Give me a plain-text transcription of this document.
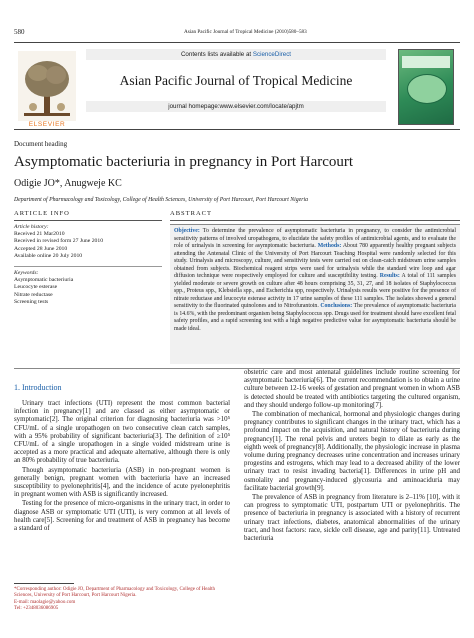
580	Asian Pacific Journal of Tropical Medicine (2010)580–583
ELSEVIER
Contents lists available at ScienceDirect
Asian Pacific Journal of Tropical Medicine
journal homepage:www.elsevier.com/locate/apjtm
Document heading
Asymptomatic bacteriuria in pregnancy in Port Harcourt
Odigie JO*, Anugweje KC
Department of Pharmacology and Toxicology, College of Health Sciences, University of Port Harcourt, Port Harcourt Nigeria
ARTICLE INFO
Article history:
Received 21 Mar2010
Received in revised form 27 June 2010
Accepted 28 June 2010
Available online 20 July 2010
Keywords:
Asymptomatic bacteriuria
Leucocyte esterase
Nitrate reductase
Screening tests
ABSTRACT
Objective: To determine the prevalence of asymptomatic bacteriuria in pregnancy, to consider the antimicrobial sensitivity patterns of involved uropathogens, to elucidate the safety profiles of antimicrobial agents, and to evaluate the role of urinalysis in screening for asymptomatic bacteriuria. Methods: About 780 apparently healthy pregnant subjects attending the Antenatal Clinic of the University of Port Harcourt Teaching Hospital were randomly selected for this study. Urinalysis and microscopy, culture, and sensitivity tests were carried out on clean-catch midstream urine samples obtained from subjects. Biochemical reagent strips were used for urinalysis while the standard wire loop and agar diffusion technique were respectively employed for culture and susceptibility testing. Results: A total of 111 samples yielded moderate or severe growth on culture after 48 hours comprising 35, 31, 27, and 18 isolates of Staphylococcus spp., Proteus spp., Klebsiella spp., and Escherichia spp, respectively. Urinalysis results were positive for the presence of nitrate reductase and leucocyte esterase activity in 17 urine samples of these 111 samples. The isolates showed a general sensitivity to the fluorinated quinolones and to Nitrofurantoin. Conclusions: The prevalence of asymptomatic bacteriuria is 14.6%, with the predominant organism being Staphylococcus spp. Drugs used for treatment should have excellent fetal safety profiles, and a rapid screening test with a high negative predictive value for asymptomatic bacteriuria should be made ideal.
1. Introduction

Urinary tract infections (UTI) represent the most common bacterial infection in pregnancy[1] and are classed as either asymptomatic or symptomatic[2]. The original criterion for diagnosing bacteriuria was >10⁵ CFU/mL of a single uropathogen on two consecutive clean catch samples, with a 95% probability of significant bacteriuria[3]. The definition of ≥10⁵ CFU/mL of a single uropathogen in a single voided midstream urine is accepted as a more practical and adequate alternative, although there is only an 80% probability of true bacteriuria.

Though asymptomatic bacteriuria (ASB) in non-pregnant women is generally benign, pregnant women with bacteriuria have an increased susceptibility to pyelonephritis[4], and the incidence of acute pyelonephritis in pregnant women with ASB is significantly increased.

Testing for the presence of micro-organisms in the urinary tract, in order to diagnose ASB or symptomatic UTI (UTI), is very common at all levels of health care[5]. Screening for and treatment of ASB in pregnancy has become a standard of

obstetric care and most antenatal guidelines include routine screening for asymptomatic bacteriuria[6]. The current recommendation is to obtain a urine culture between 12-16 weeks of gestation and pregnant women in whom ASB is detected should be treated with antibiotics targeting the cultured organism, and they should undergo follow-up monitoring[7].

The combination of mechanical, hormonal and physiologic changes during pregnancy contributes to significant changes in the urinary tract, which has a profound impact on the acquisition, and natural history of bacteriuria during pregnancy[1]. The renal pelvis and ureters begin to dilate as early as the eighth week of pregnancy[8]. Additionally, the physiologic increase in plasma volume during pregnancy decreases urine concentration and increases urinary progestins and estrogens, which may lead to a decreased ability of the lower urinary tract to resist invading bacteria[1]. Differences in urine pH and osmolality and pregnancy-induced glycosuria and aminoaciduria may facilitate bacterial growth[9].

The prevalence of ASB in pregnancy from literature is 2–11% [10], with it can progress to symptomatic UTI, postpartum UTI or pyelonephritis. The presence of bacteriuria in pregnancy is associated with a history of recurrent urinary tract infections, diabetes, anatomical abnormalities of the urinary tract, and host factors: race, sickle cell disease, age and parity[11]. Untreated bacteriuria

*Corresponding author: Odigie JO, Department of Pharmacology and Toxicology, College of Health Sciences, University of Port Harcourt, Port Harcourt Nigeria.
E-mail: maolagie@yahoo.com
Tel: +2348036086905
